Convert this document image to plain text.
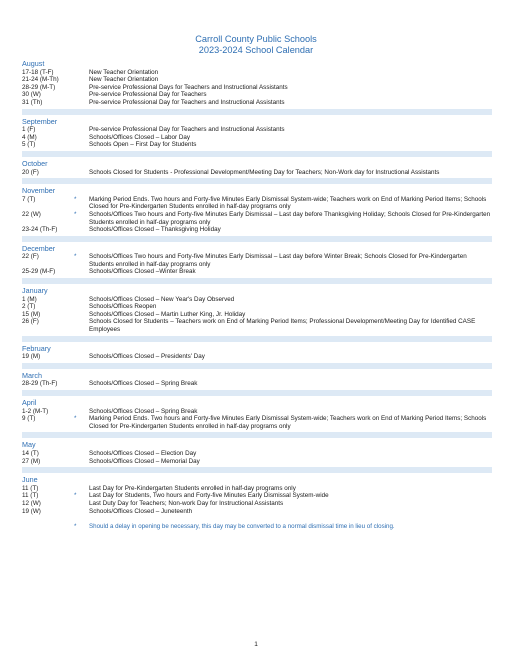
Carroll County Public Schools
2023-2024 School Calendar
August
17-18 (T-F)	New Teacher Orientation
21-24 (M-Th)	New Teacher Orientation
28-29 (M-T)	Pre-service Professional Days for Teachers and Instructional Assistants
30 (W)	Pre-service Professional Day for Teachers
31 (Th)	Pre-service Professional Day for Teachers and Instructional Assistants
September
1 (F)	Pre-service Professional Day for Teachers and Instructional Assistants
4 (M)	Schools/Offices Closed – Labor Day
5 (T)	Schools Open – First Day for Students
October
20 (F)	Schools Closed for Students - Professional Development/Meeting Day for Teachers; Non-Work day for Instructional Assistants
November
7 (T)	* Marking Period Ends. Two hours and Forty-five Minutes Early Dismissal System-wide; Teachers work on End of Marking Period Items; Schools Closed for Pre-Kindergarten Students enrolled in half-day programs only
22 (W)	* Schools/Offices Two hours and Forty-five Minutes Early Dismissal – Last day before Thanksgiving Holiday; Schools Closed for Pre-Kindergarten Students enrolled in half-day programs only
23-24 (Th-F)	Schools/Offices Closed – Thanksgiving Holiday
December
22 (F)	* Schools/Offices Two hours and Forty-five Minutes Early Dismissal – Last day before Winter Break; Schools Closed for Pre-Kindergarten Students enrolled in half-day programs only
25-29 (M-F)	Schools/Offices Closed –Winter Break
January
1 (M)	Schools/Offices Closed – New Year's Day Observed
2 (T)	Schools/Offices Reopen
15 (M)	Schools/Offices Closed – Martin Luther King, Jr. Holiday
26 (F)	Schools Closed for Students – Teachers work on End of Marking Period Items; Professional Development/Meeting Day for Identified CASE Employees
February
19 (M)	Schools/Offices Closed – Presidents' Day
March
28-29 (Th-F)	Schools/Offices Closed – Spring Break
April
1-2 (M-T)	Schools/Offices Closed – Spring Break
9 (T)	* Marking Period Ends. Two hours and Forty-five Minutes Early Dismissal System-wide; Teachers work on End of Marking Period Items; Schools Closed for Pre-Kindergarten Students enrolled in half-day programs only
May
14 (T)	Schools/Offices Closed – Election Day
27 (M)	Schools/Offices Closed – Memorial Day
June
11 (T)	Last Day for Pre-Kindergarten Students enrolled in half-day programs only
11 (T)	* Last Day for Students, Two hours and Forty-five Minutes Early Dismissal System-wide
12 (W)	Last Duty Day for Teachers; Non-work Day for Instructional Assistants
19 (W)	Schools/Offices Closed – Juneteenth
* Should a delay in opening be necessary, this day may be converted to a normal dismissal time in lieu of closing.
1
